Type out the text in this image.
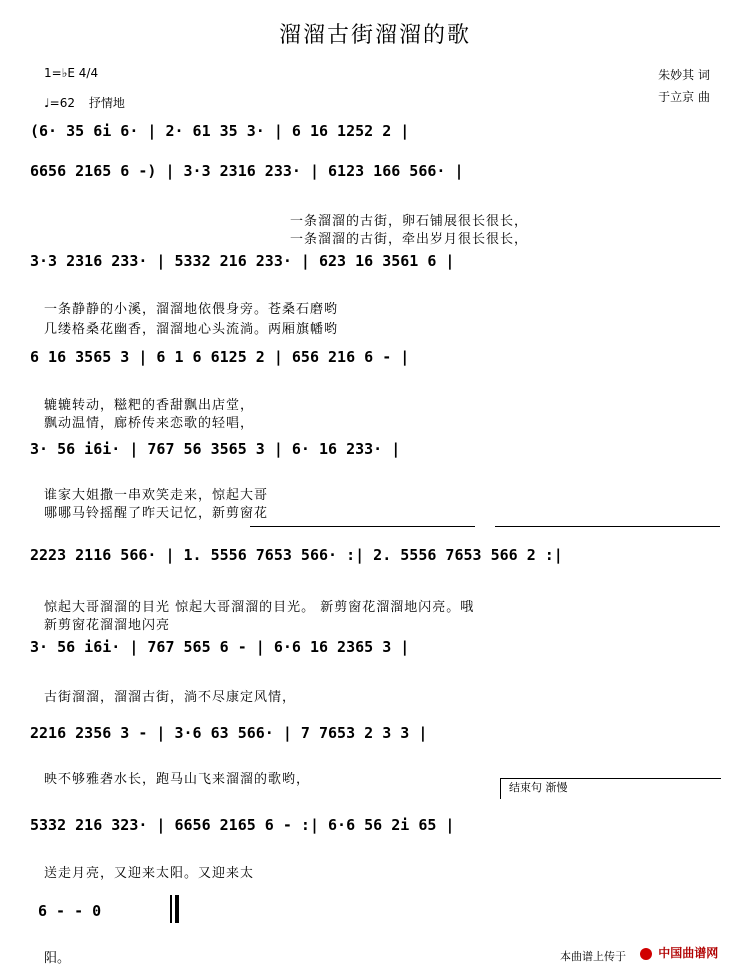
溜溜古街溜溜的歌
1=♭E 4/4
♩=62 抒情地
朱妙其 词
于立京 曲
(6· 35 6i 6· | 2· 61 35 3· | 6 16 1252 2 |
6656 2165 6 -) | 3·3 2316 233· | 6123 166 566· |
一条溜溜的古街，卵石铺展很长很长，
一条溜溜的古街，牵出岁月很长很长，
3·3 2316 233· | 5332 216 233· | 623 16 3561 6 |
一条静静的小溪，溜溜地依偎身旁。苍桑石磨哟
几缕格桑花幽香，溜溜地心头流淌。两厢旗幡哟
6 16 3565 3 | 6 1 6 6125 2 | 656 216 6 - |
辘辘转动，糍粑的香甜飘出店堂，
飘动温情，廊桥传来恋歌的轻唱，
3· 56 i6i· | 767 56 3565 3 | 6· 16 233· |
谁家大姐撒一串欢笑走来，惊起大哥
哪哪马铃摇醒了昨天记忆，新剪窗花
2223 2116 566· | 1. 5556 7653 566· :| 2. 5556 7653 566 2 :|
惊起大哥溜溜的目光 惊起大哥溜溜的目光。 新剪窗花溜溜地闪亮。哦
新剪窗花溜溜地闪亮
3· 56 i6i· | 767 565 6 - | 6·6 16 2365 3 |
古街溜溜，溜溜古街，淌不尽康定风情，
2216 2356 3 - | 3·6 63 566· | 7 7653 2 3 3 |
映不够雅砻水长，跑马山飞来溜溜的歌哟，
结束句 渐慢
5332 216 323· | 6656 2165 6 - :| 6·6 56 2i 65 |
送走月亮，又迎来太阳。又迎来太
6 - - 0
阳。	本曲谱上传于	中国曲谱网
